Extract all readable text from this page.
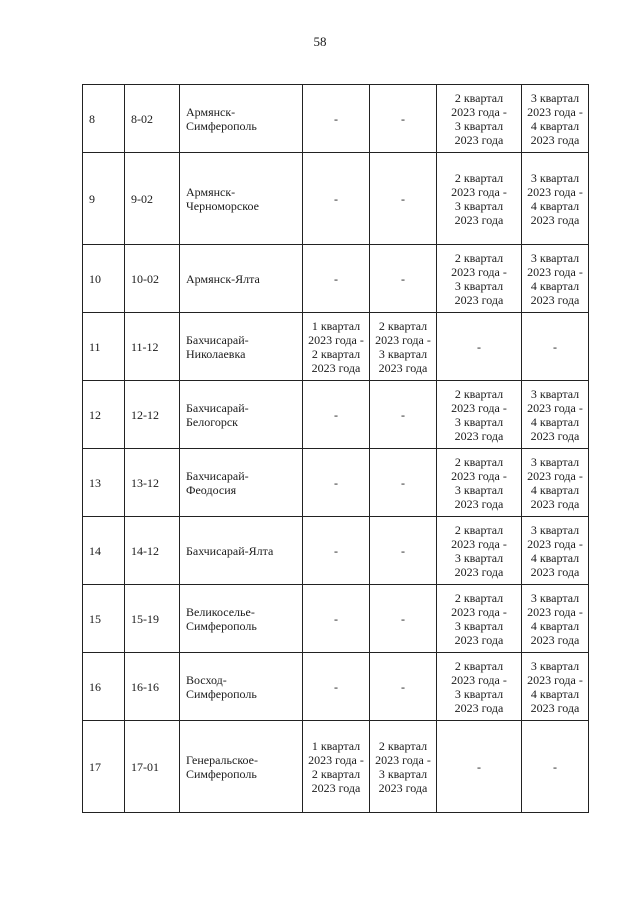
58
8	8-02	Армянск-
Симферополь	-	-	2 квартал
2023 года -
3 квартал
2023 года	3 квартал
2023 года -
4 квартал
2023 года

9	9-02	Армянск-
Черноморское	-	-	2 квартал
2023 года -
3 квартал
2023 года	3 квартал
2023 года -
4 квартал
2023 года

10	10-02	Армянск-Ялта	-	-	2 квартал
2023 года -
3 квартал
2023 года	3 квартал
2023 года -
4 квартал
2023 года

11	11-12	Бахчисарай-
Николаевка	1 квартал
2023 года -
2 квартал
2023 года	2 квартал
2023 года -
3 квартал
2023 года	-	-

12	12-12	Бахчисарай-
Белогорск	-	-	2 квартал
2023 года -
3 квартал
2023 года	3 квартал
2023 года -
4 квартал
2023 года

13	13-12	Бахчисарай-
Феодосия	-	-	2 квартал
2023 года -
3 квартал
2023 года	3 квартал
2023 года -
4 квартал
2023 года

14	14-12	Бахчисарай-Ялта	-	-	2 квартал
2023 года -
3 квартал
2023 года	3 квартал
2023 года -
4 квартал
2023 года

15	15-19	Великоселье-
Симферополь	-	-	2 квартал
2023 года -
3 квартал
2023 года	3 квартал
2023 года -
4 квартал
2023 года

16	16-16	Восход-
Симферополь	-	-	2 квартал
2023 года -
3 квартал
2023 года	3 квартал
2023 года -
4 квартал
2023 года

17	17-01	Генеральское-
Симферополь	1 квартал
2023 года -
2 квартал
2023 года	2 квартал
2023 года -
3 квартал
2023 года	-	-
